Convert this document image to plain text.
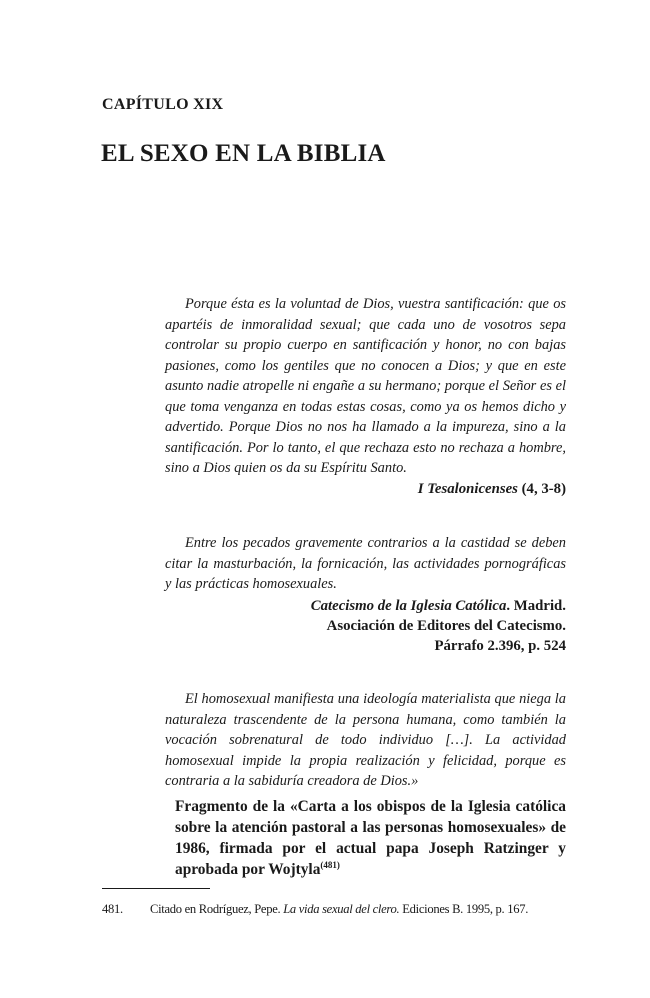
CAPÍTULO XIX
EL SEXO EN LA BIBLIA

Porque ésta es la voluntad de Dios, vuestra santificación: que os apartéis de inmoralidad sexual; que cada uno de vosotros sepa controlar su propio cuerpo en santificación y honor, no con bajas pasiones, como los gentiles que no conocen a Dios; y que en este asunto nadie atropelle ni engañe a su hermano; porque el Señor es el que toma venganza en todas estas cosas, como ya os hemos dicho y advertido. Porque Dios no nos ha llamado a la impureza, sino a la santificación. Por lo tanto, el que rechaza esto no rechaza a hombre, sino a Dios quien os da su Espíritu Santo.

I Tesalonicenses (4, 3-8)

Entre los pecados gravemente contrarios a la castidad se deben citar la masturbación, la fornicación, las actividades pornográficas y las prácticas homosexuales.

Catecismo de la Iglesia Católica. Madrid.
Asociación de Editores del Catecismo.
Párrafo 2.396, p. 524

El homosexual manifiesta una ideología materialista que niega la naturaleza trascendente de la persona humana, como también la vocación sobrenatural de todo individuo […]. La actividad homosexual impide la propia realización y felicidad, porque es contraria a la sabiduría creadora de Dios.»

Fragmento de la «Carta a los obispos de la Iglesia católica sobre la atención pastoral a las personas homosexuales» de 1986, firmada por el actual papa Joseph Ratzinger y aprobada por Wojtyla$^{(481)}$

481. Citado en Rodríguez, Pepe. La vida sexual del clero. Ediciones B. 1995, p. 167.
